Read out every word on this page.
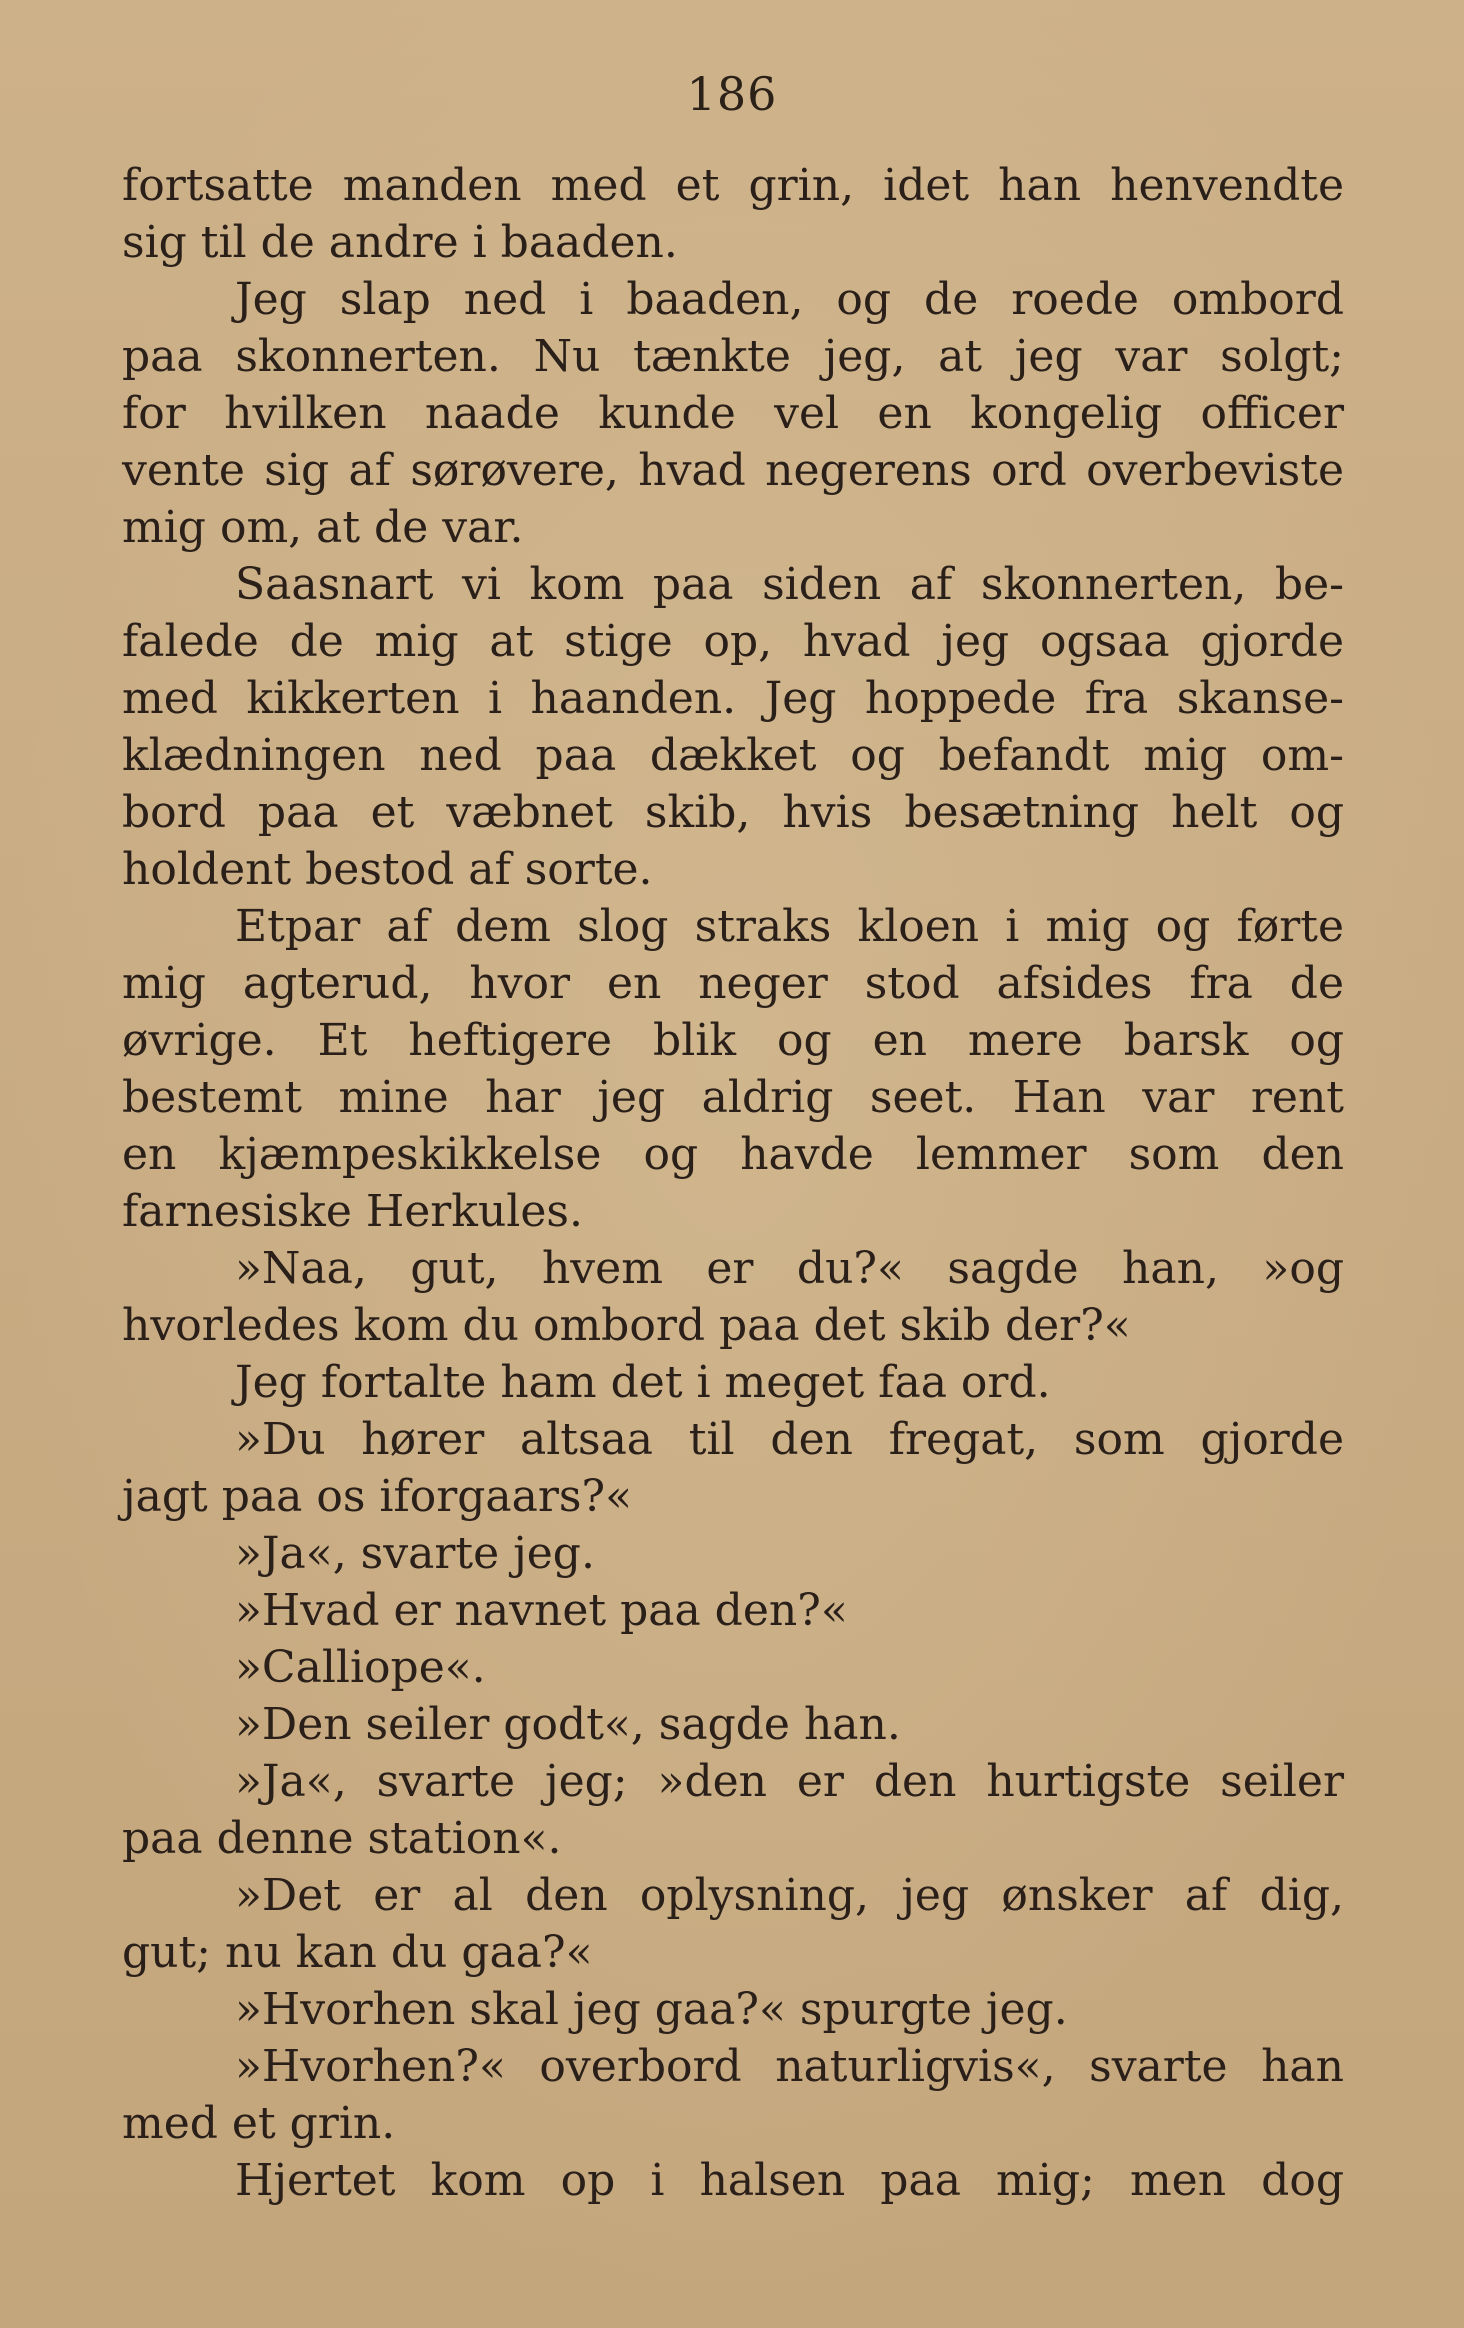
186
fortsatte manden med et grin, idet han henvendte
sig til de andre i baaden.
Jeg slap ned i baaden, og de roede ombord
paa skonnerten. Nu tænkte jeg, at jeg var solgt;
for hvilken naade kunde vel en kongelig officer
vente sig af sørøvere, hvad negerens ord overbeviste
mig om, at de var.
Saasnart vi kom paa siden af skonnerten, be-
falede de mig at stige op, hvad jeg ogsaa gjorde
med kikkerten i haanden. Jeg hoppede fra skanse-
klædningen ned paa dækket og befandt mig om-
bord paa et væbnet skib, hvis besætning helt og
holdent bestod af sorte.
Etpar af dem slog straks kloen i mig og førte
mig agterud, hvor en neger stod afsides fra de
øvrige. Et heftigere blik og en mere barsk og
bestemt mine har jeg aldrig seet. Han var rent
en kjæmpeskikkelse og havde lemmer som den
farnesiske Herkules.
»Naa, gut, hvem er du?« sagde han, »og
hvorledes kom du ombord paa det skib der?«
Jeg fortalte ham det i meget faa ord.
»Du hører altsaa til den fregat, som gjorde
jagt paa os iforgaars?«
»Ja«, svarte jeg.
»Hvad er navnet paa den?«
»Calliope«.
»Den seiler godt«, sagde han.
»Ja«, svarte jeg; »den er den hurtigste seiler
paa denne station«.
»Det er al den oplysning, jeg ønsker af dig,
gut; nu kan du gaa?«
»Hvorhen skal jeg gaa?« spurgte jeg.
»Hvorhen?« overbord naturligvis«, svarte han
med et grin.
Hjertet kom op i halsen paa mig; men dog
